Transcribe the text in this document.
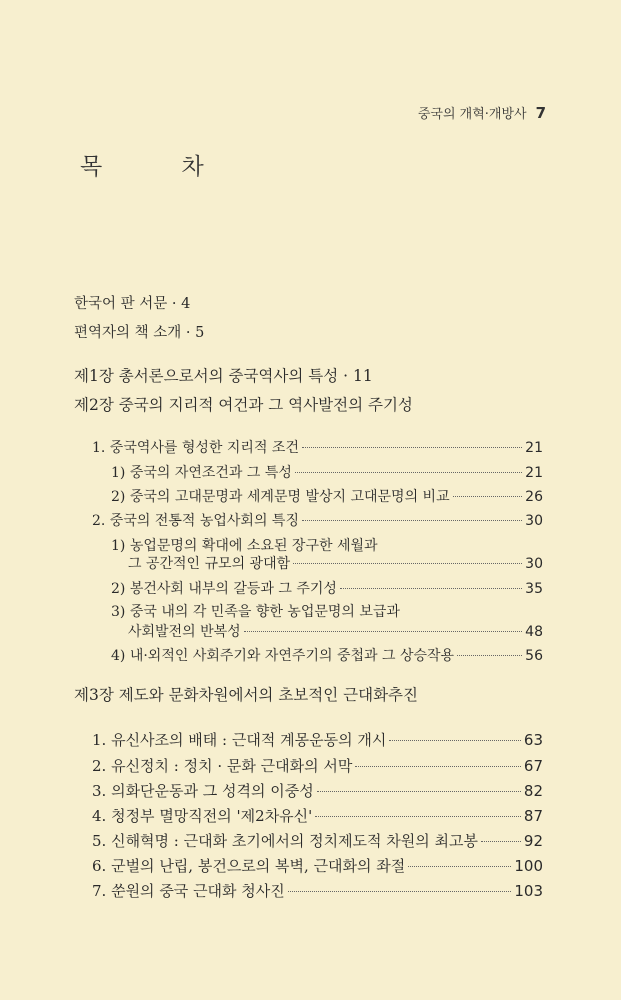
중국의 개혁·개방사 7
목 차
한국어 판 서문 · 4
편역자의 책 소개 · 5
제1장 총서론으로서의 중국역사의 특성 · 11
제2장 중국의 지리적 여건과 그 역사발전의 주기성
1. 중국역사를 형성한 지리적 조건	21
1) 중국의 자연조건과 그 특성	21
2) 중국의 고대문명과 세계문명 발상지 고대문명의 비교	26
2. 중국의 전통적 농업사회의 특징	30
1) 농업문명의 확대에 소요된 장구한 세월과
그 공간적인 규모의 광대함	30
2) 봉건사회 내부의 갈등과 그 주기성	35
3) 중국 내의 각 민족을 향한 농업문명의 보급과
사회발전의 반복성	48
4) 내·외적인 사회주기와 자연주기의 중첩과 그 상승작용	56
제3장 제도와 문화차원에서의 초보적인 근대화추진
1. 유신사조의 배태 : 근대적 계몽운동의 개시	63
2. 유신정치 : 정치 · 문화 근대화의 서막	67
3. 의화단운동과 그 성격의 이중성	82
4. 청정부 멸망직전의 '제2차유신'	87
5. 신해혁명 : 근대화 초기에서의 정치제도적 차원의 최고봉	92
6. 군벌의 난립, 봉건으로의 복벽, 근대화의 좌절	100
7. 쑨원의 중국 근대화 청사진	103
